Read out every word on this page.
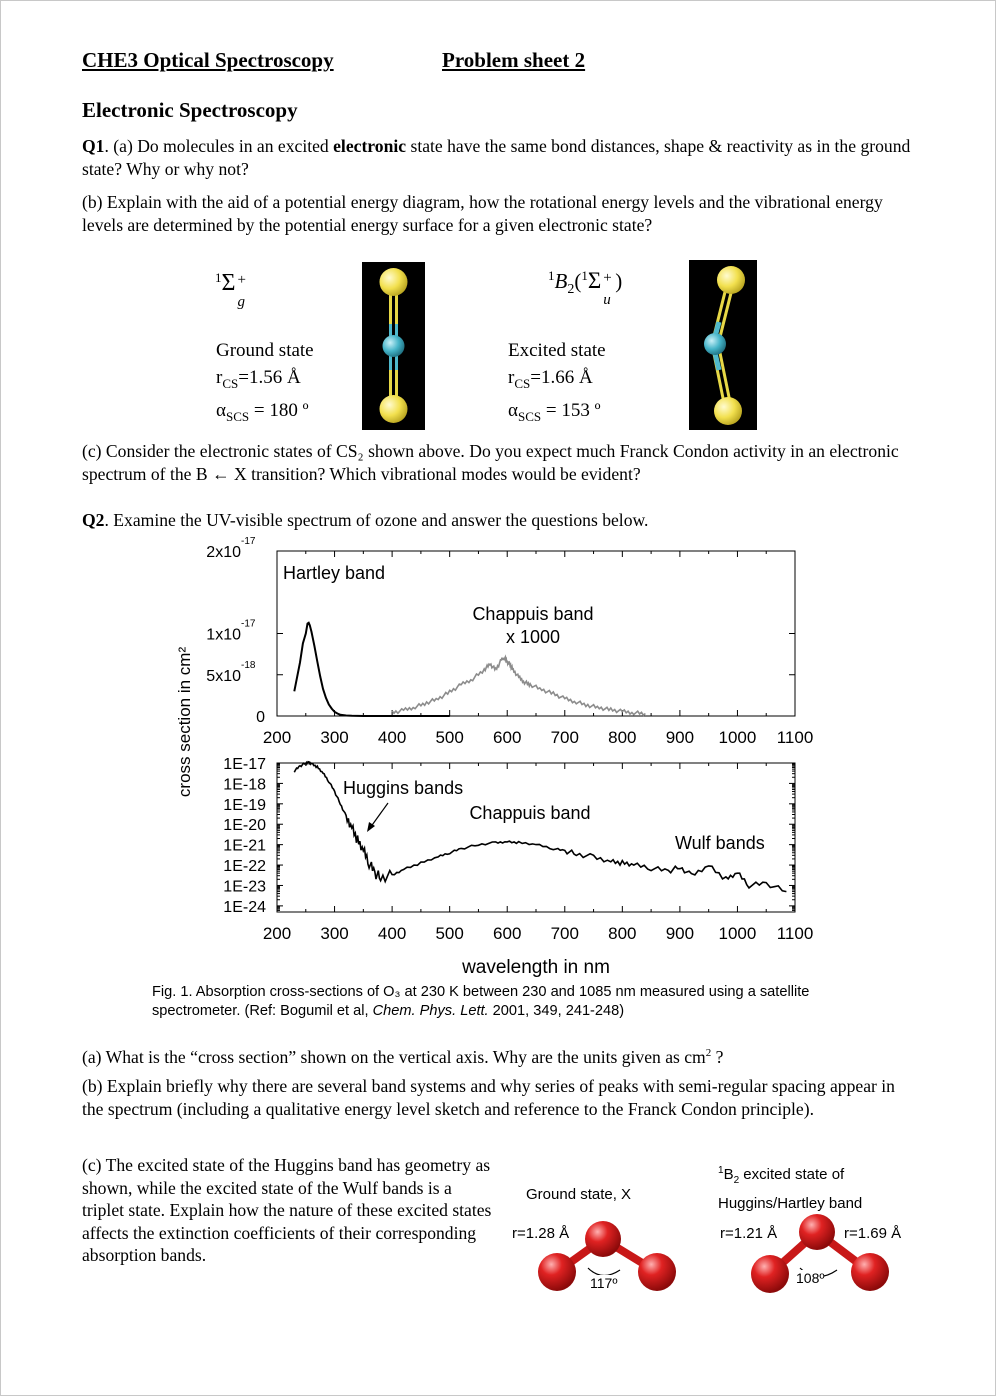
CHE3 Optical Spectroscopy	Problem sheet 2
Electronic Spectroscopy
Q1. (a) Do molecules in an excited electronic state have the same bond distances, shape & reactivity as in the ground state? Why or why not?
(b) Explain with the aid of a potential energy diagram, how the rotational energy levels and the vibrational energy levels are determined by the potential energy surface for a given electronic state?
$^1$Σ +
g
Ground state
$r_{CS}=1.56$ Å
$\alpha_{SCS} = 180$ º
$^1B_2(^1\Sigma$ +
u
)
Excited state
$r_{CS}=1.66$ Å
$\alpha_{SCS} = 153$ º
(c) Consider the electronic states of CS₂ shown above. Do you expect much Franck Condon activity in an electronic spectrum of the B ← X transition? Which vibrational modes would be evident?
Q2. Examine the UV-visible spectrum of ozone and answer the questions below.
200 300 400 500 600 700 800 900 1000 1100
2x10
-17
1x10
-17
5x10
-18
0
Hartley band
Chappuis band
x 1000
200 300 400 500 600 700 800 900 1000 1100
1E-17
1E-18
1E-19
1E-20
1E-21
1E-22
1E-23
1E-24
Huggins bands
Chappuis band
Wulf bands
cross section in cm²
wavelength in nm
Fig. 1. Absorption cross-sections of O₃ at 230 K between 230 and 1085 nm measured using a satellite spectrometer. (Ref: Bogumil et al, Chem. Phys. Lett. 2001, 349, 241-248)
(a) What is the “cross section” shown on the vertical axis. Why are the units given as $cm^2$ ?
(b) Explain briefly why there are several band systems and why series of peaks with semi-regular spacing appear in the spectrum (including a qualitative energy level sketch and reference to the Franck Condon principle).
(c) The excited state of the Huggins band has geometry as shown, while the excited state of the Wulf bands is a triplet state. Explain how the nature of these excited states affects the extinction coefficients of their corresponding absorption bands.
Ground state, X
r=1.28 Å
$^1B_2$ excited state of
Huggins/Hartley band
r=1.21 Å	r=1.69 Å
117º	108º
